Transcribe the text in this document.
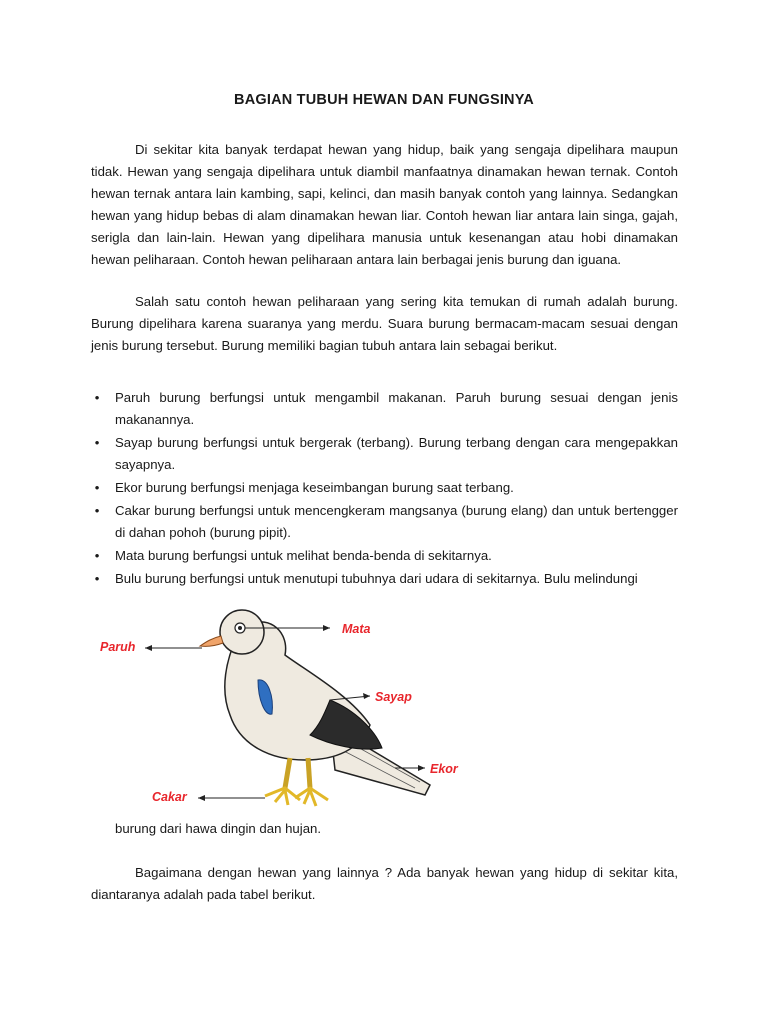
BAGIAN TUBUH HEWAN DAN FUNGSINYA

Di sekitar kita banyak terdapat hewan yang hidup, baik yang sengaja dipelihara maupun tidak. Hewan yang sengaja dipelihara untuk diambil manfaatnya dinamakan hewan ternak. Contoh hewan ternak antara lain kambing, sapi, kelinci, dan masih banyak contoh yang lainnya. Sedangkan hewan yang hidup bebas di alam dinamakan hewan liar. Contoh hewan liar antara lain singa, gajah, serigla dan lain-lain. Hewan yang dipelihara manusia untuk kesenangan atau hobi dinamakan hewan peliharaan. Contoh hewan peliharaan antara lain berbagai jenis burung dan iguana.

Salah satu contoh hewan peliharaan yang sering kita temukan di rumah adalah burung. Burung dipelihara karena suaranya yang merdu. Suara burung bermacam-macam sesuai dengan jenis burung tersebut. Burung memiliki bagian tubuh antara lain sebagai berikut.

• Paruh burung berfungsi untuk mengambil makanan. Paruh burung sesuai dengan jenis makanannya.
• Sayap burung berfungsi untuk bergerak (terbang). Burung terbang dengan cara mengepakkan sayapnya.
• Ekor burung berfungsi menjaga keseimbangan burung saat terbang.
• Cakar burung berfungsi untuk mencengkeram mangsanya (burung elang) dan untuk bertengger di dahan pohoh (burung pipit).
• Mata burung berfungsi untuk melihat benda-benda di sekitarnya.
• Bulu burung berfungsi untuk menutupi tubuhnya dari udara di sekitarnya. Bulu melindungi
Paruh
Mata
Sayap
Ekor
Cakar
burung dari hawa dingin dan hujan.

Bagaimana dengan hewan yang lainnya ? Ada banyak hewan yang hidup di sekitar kita, diantaranya adalah pada tabel berikut.
